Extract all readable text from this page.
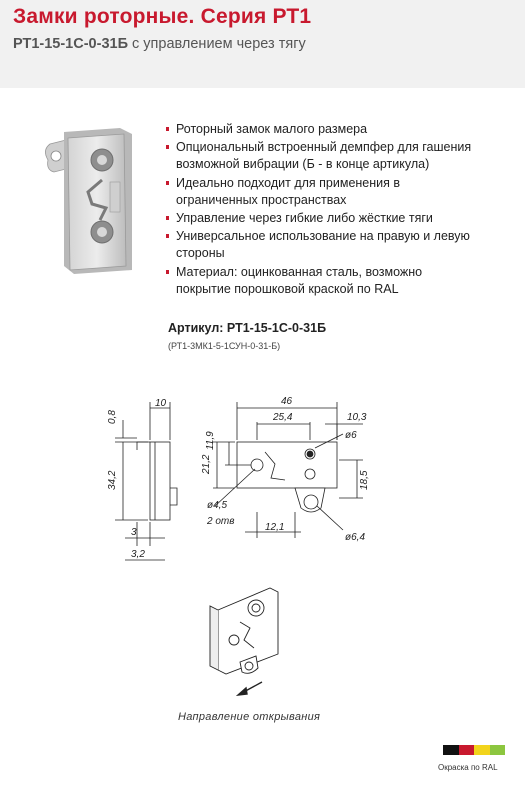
Замки роторные. Серия РТ1
РТ1-15-1С-0-31Б с управлением через тягу
Роторный замок малого размера
Опциональный встроенный демпфер для гашения возможной вибрации (Б - в конце артикула)
Идеально подходит для применения в ограниченных пространствах
Управление через гибкие либо жёсткие тяги
Универсальное использование на правую и левую стороны
Материал: оцинкованная сталь, возможно покрытие порошковой краской по RAL
Артикул: РТ1-15-1С-0-31Б
(РТ1-3МК1-5-1СУН-0-31-Б)
10
0,8
34,2
3
3,2
46
25,4	10,3
11,9
21,2
ø6
18,5
ø4,5
2 отв
12,1
ø6,4
Направление открывания
Окраска по RAL
